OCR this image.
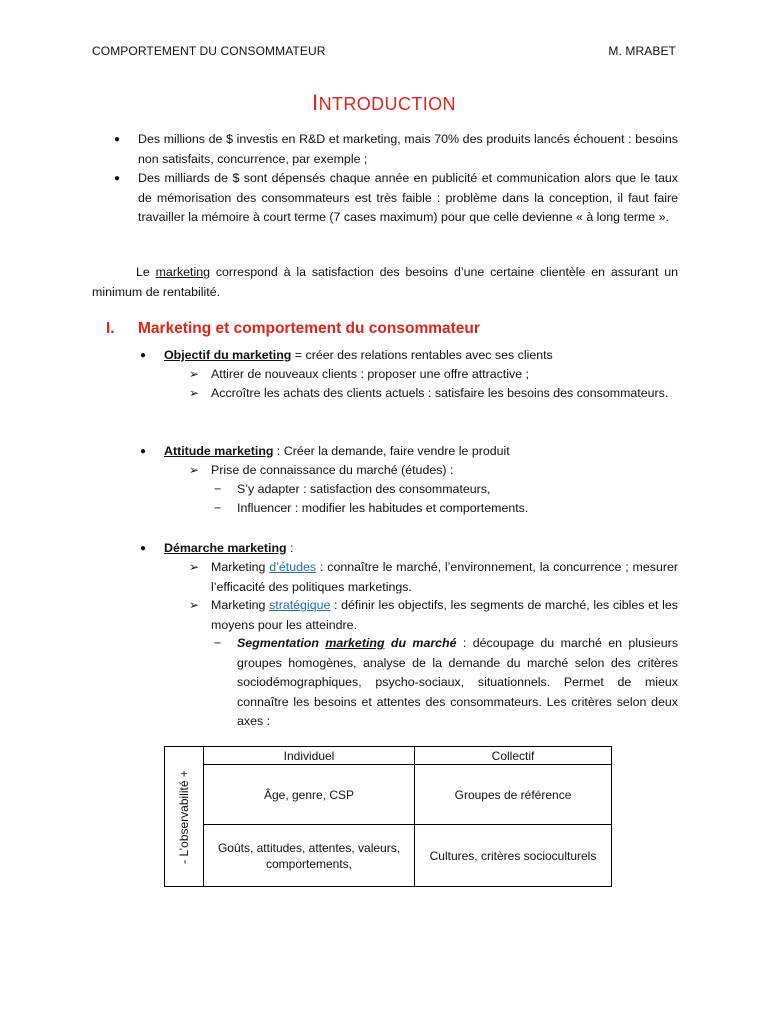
COMPORTEMENT DU CONSOMMATEUR	M. MRABET
INTRODUCTION
● Des millions de $ investis en R&D et marketing, mais 70% des produits lancés échouent : besoins non satisfaits, concurrence, par exemple ;
● Des milliards de $ sont dépensés chaque année en publicité et communication alors que le taux de mémorisation des consommateurs est très faible : problème dans la conception, il faut faire travailler la mémoire à court terme (7 cases maximum) pour que celle devienne « à long terme ».
Le marketing correspond à la satisfaction des besoins d’une certaine clientèle en assurant un minimum de rentabilité.
I. Marketing et comportement du consommateur
● Objectif du marketing = créer des relations rentables avec ses clients
➢ Attirer de nouveaux clients : proposer une offre attractive ;
➢ Accroître les achats des clients actuels : satisfaire les besoins des consommateurs.
● Attitude marketing : Créer la demande, faire vendre le produit
➢ Prise de connaissance du marché (études) :
− S’y adapter : satisfaction des consommateurs,
− Influencer : modifier les habitudes et comportements.
● Démarche marketing :
➢ Marketing d’études : connaître le marché, l’environnement, la concurrence ; mesurer l’efficacité des politiques marketings.
➢ Marketing stratégique : définir les objectifs, les segments de marché, les cibles et les moyens pour les atteindre.
− Segmentation marketing du marché : découpage du marché en plusieurs groupes homogènes, analyse de la demande du marché selon des critères sociodémographiques, psycho-sociaux, situationnels. Permet de mieux connaître les besoins et attentes des consommateurs. Les critères selon deux axes :
- L’observabilité +	Individuel	Collectif
	Âge, genre, CSP	Groupes de référence
	Goûts, attitudes, attentes, valeurs, comportements,	Cultures, critères socioculturels
